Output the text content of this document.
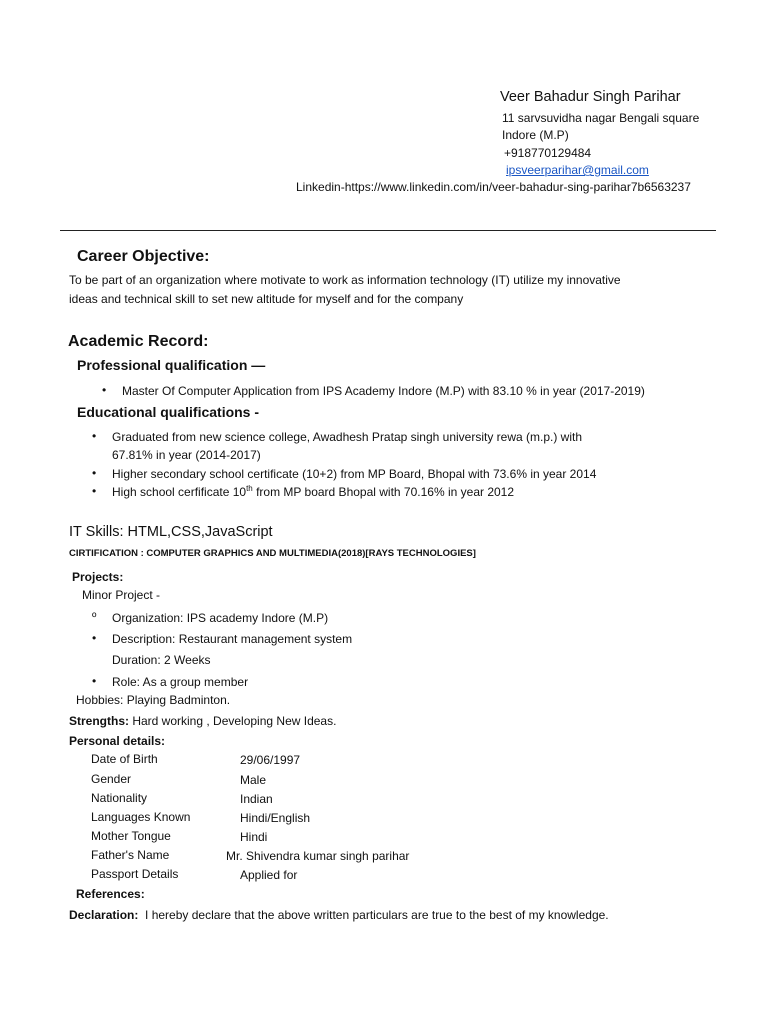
Veer Bahadur Singh Parihar
11 sarvsuvidha nagar Bengali square
Indore (M.P)
+918770129484
ipsveerparihar@gmail.com
Linkedin-https://www.linkedin.com/in/veer-bahadur-sing-parihar7b6563237
Career Objective:
To be part of an organization where motivate to work as information technology (IT) utilize my innovative
ideas and technical skill to set new altitude for myself and for the company
Academic Record:
Professional qualification —
• Master Of Computer Application from IPS Academy Indore (M.P) with 83.10 % in year (2017-2019)
Educational qualifications -
• Graduated from new science college, Awadhesh Pratap singh university rewa (m.p.) with
67.81% in year (2014-2017)
• Higher secondary school certificate (10+2) from MP Board, Bhopal with 73.6% in year 2014
• High school cerfificate 10th from MP board Bhopal with 70.16% in year 2012
IT Skills: HTML,CSS,JavaScript
CIRTIFICATION : COMPUTER GRAPHICS AND MULTIMEDIA(2018)[RAYS TECHNOLOGIES]
Projects:
Minor Project -
º Organization: IPS academy Indore (M.P)
• Description: Restaurant management system
Duration: 2 Weeks
• Role: As a group member
Hobbies: Playing Badminton.
Strengths: Hard working , Developing New Ideas.
Personal details:
Date of Birth	29/06/1997
Gender	Male
Nationality	Indian
Languages Known	Hindi/English
Mother Tongue	Hindi
Father's Name	Mr. Shivendra kumar singh parihar
Passport Details	Applied for
References:
Declaration: I hereby declare that the above written particulars are true to the best of my knowledge.
